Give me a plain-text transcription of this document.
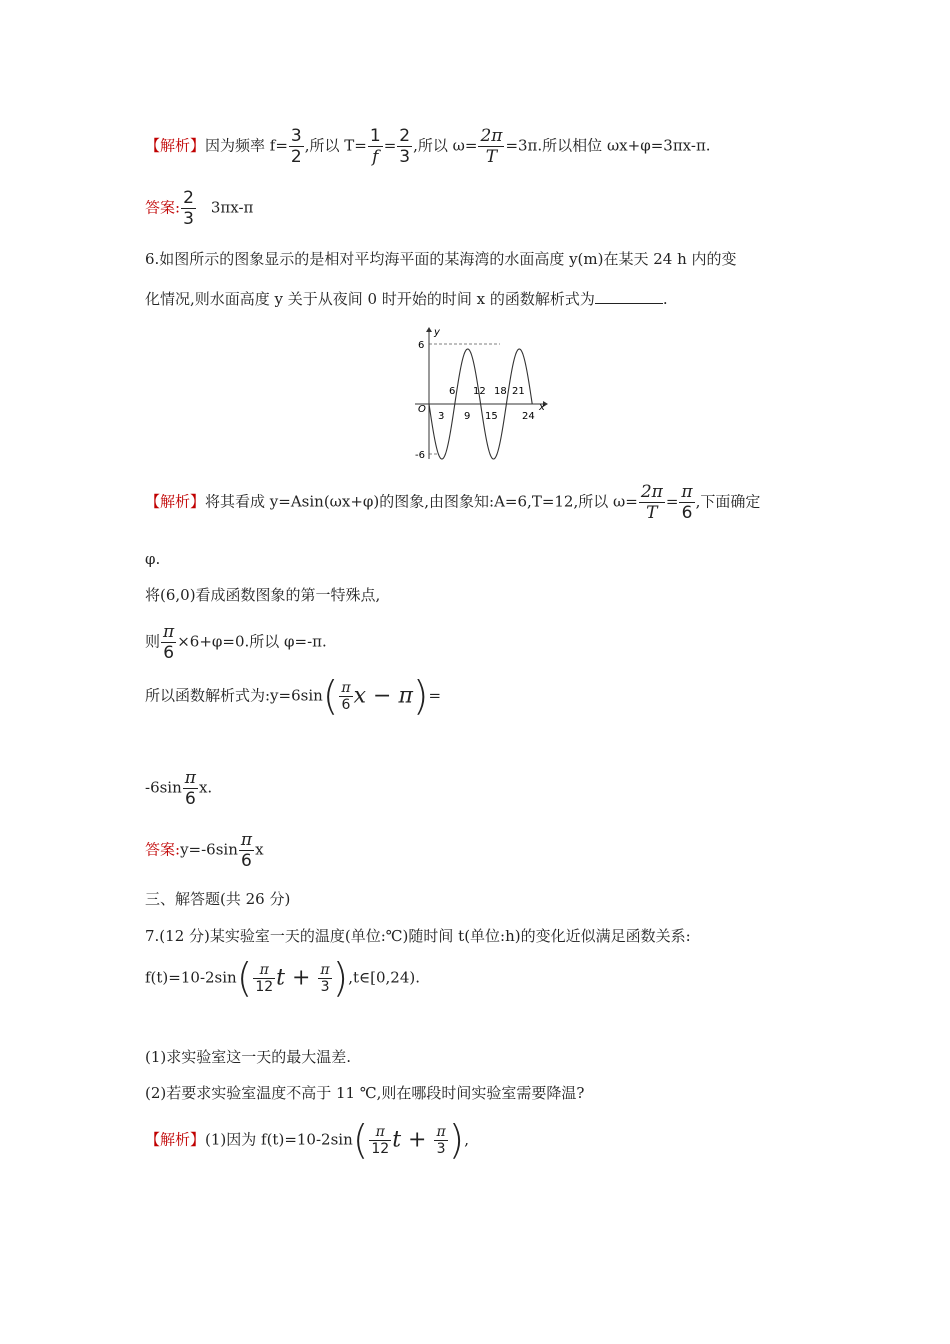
【解析】因为频率 $f= \frac{3}{2}$ ,所以 $T= \frac{1}{f} = \frac{2}{3}$ ,所以 $\omega= \frac{2\pi}{T} =3\pi$.所以相位 ωx+φ=3πx-π.
答案: $\frac{2}{3} 3\pi x-\pi$
6.如图所示的图象显示的是相对平均海平面的某海湾的水面高度 y(m)在某天 24 h 内的变
化情况,则水面高度 y 关于从夜间 0 时开始的时间 x 的函数解析式为	.
y
x
O
6
-6
3 9 15 24
6 12 18 21
【解析】将其看成 y=Asin(ωx+φ)的图象,由图象知:A=6,T=12,所以 $\omega= \frac{2\pi}{T} = \frac{\pi}{6}$ ,下面确定
φ.
将(6,0)看成函数图象的第一特殊点,
则 $\frac{\pi}{6} \times 6+\varphi=0$.所以 φ=-π.
所以函数解析式为:y=6sin( $\frac{\pi}{6}$ x − π)=
$-6\sin \frac{\pi}{6} x$.
答案:y=-6sin $\frac{\pi}{6}$ x
三、解答题(共 26 分)
7.(12 分)某实验室一天的温度(单位:℃)随时间 t(单位:h)的变化近似满足函数关系:
$f(t)=10-2\sin( \frac{\pi}{12}$ $t + \frac{\pi}{3}$ ),t∈[0,24).
(1)求实验室这一天的最大温差.
(2)若要求实验室温度不高于 11 ℃,则在哪段时间实验室需要降温?
【解析】(1)因为 $f(t)=10-2\sin( \frac{\pi}{12}$ $t + \frac{\pi}{3}$ ),
